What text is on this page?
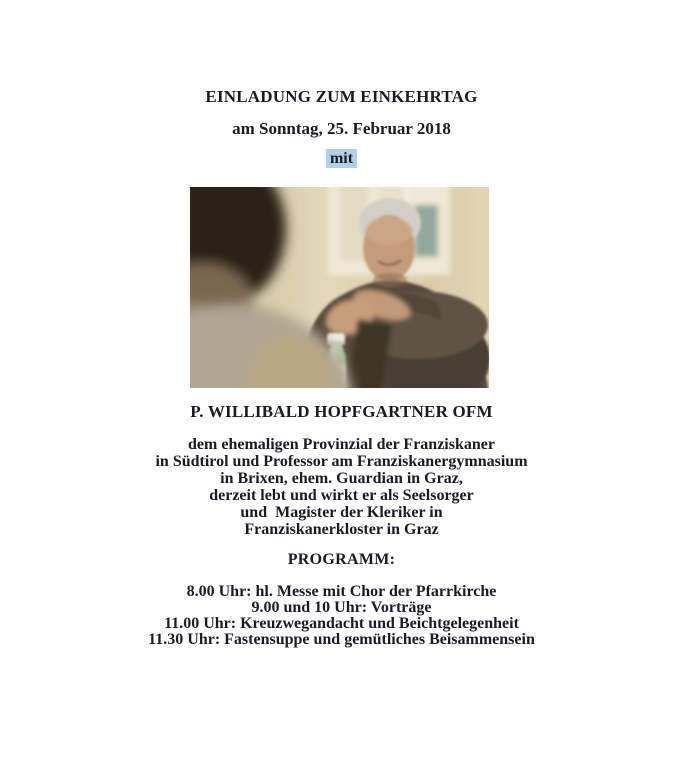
EINLADUNG ZUM EINKEHRTAG
am Sonntag, 25. Februar 2018
mit
P. WILLIBALD HOPFGARTNER OFM
dem ehemaligen Provinzial der Franziskaner
in Südtirol und Professor am Franziskanergymnasium
in Brixen, ehem. Guardian in Graz,
derzeit lebt und wirkt er als Seelsorger
und  Magister der Kleriker in
Franziskanerkloster in Graz
PROGRAMM:
8.00 Uhr: hl. Messe mit Chor der Pfarrkirche
9.00 und 10 Uhr: Vorträge
11.00 Uhr: Kreuzwegandacht und Beichtgelegenheit
11.30 Uhr: Fastensuppe und gemütliches Beisammensein
